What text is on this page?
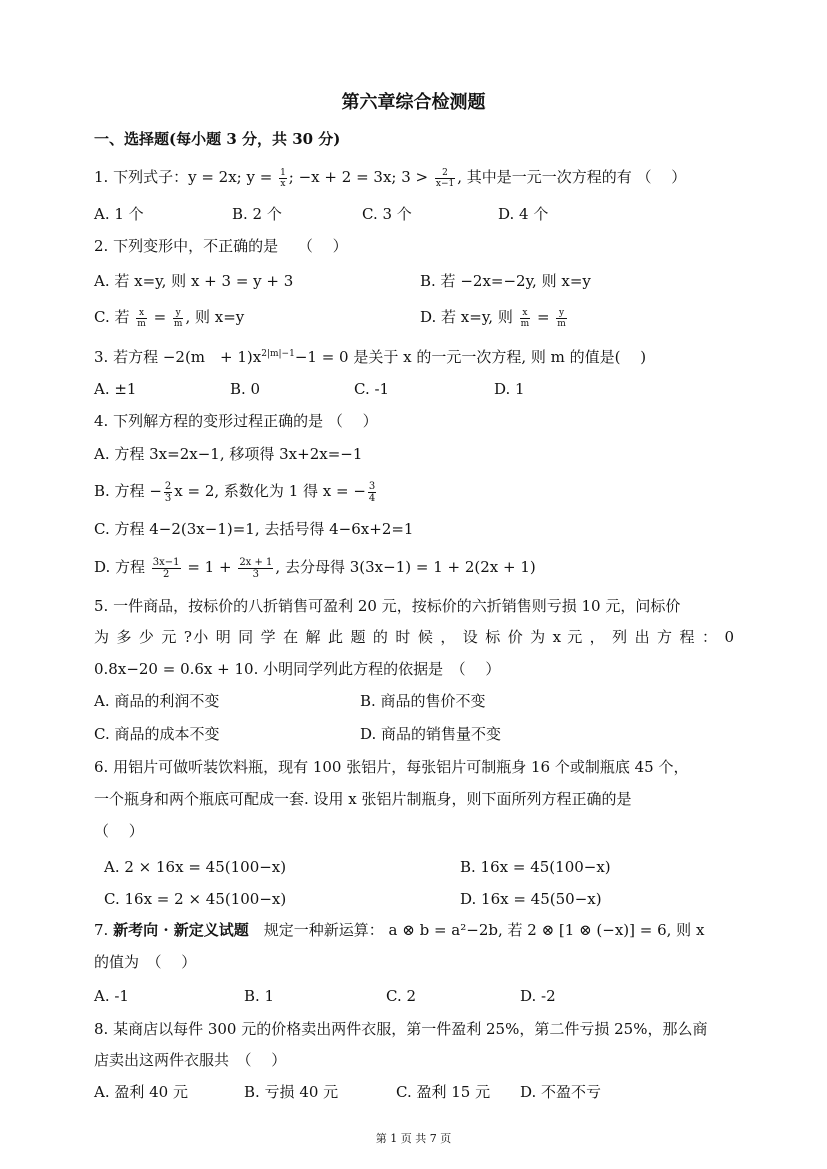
第六章综合检测题
一、选择题(每小题 3 分，共 30 分)
1. 下列式子：y = 2x; $y = \frac{1}{x}$ ; −x + 2 = 3x; $3 > \frac{2}{x-1}$ , 其中是一元一次方程的有 （　 ）
A. 1 个	B. 2 个	C. 3 个	D. 4 个
2. 下列变形中，不正确的是　 （　 ）
A. 若 x=y, 则 x + 3 = y + 3	B. 若 −2x=−2y, 则 x=y
C. 若 $\frac{x}{m} = \frac{y}{m}$ , 则 x=y	D. 若 x=y, 则 $\frac{x}{m} = \frac{y}{m}$
3. 若方程 −2(m　+ $1)x^{2|m|-1}-1 = 0$ 是关于 x 的一元一次方程, 则 m 的值是(　 )
A. ±1	B. 0	C. -1	D. 1
4. 下列解方程的变形过程正确的是 （　 ）
A. 方程 3x=2x−1, 移项得 3x+2x=−1
B. 方程 − $\frac{2}{3}$ x = 2, 系数化为 1 得 x = − $\frac{3}{4}$
C. 方程 4−2(3x−1)=1, 去括号得 4−6x+2=1
D. 方程 $\frac{3x-1}{2} = 1 + \frac{2x + 1}{3}$ , 去分母得 3(3x−1) = 1 + 2(2x + 1)
5. 一件商品，按标价的八折销售可盈利 20 元，按标价的六折销售则亏损 10 元，问标价
为 多 少 元 ?小 明 同 学 在 解 此 题 的 时 候 ， 设 标 价 为 x 元 ， 列 出 方 程 ： 0
0.8x−20 = 0.6x + 10. 小明同学列此方程的依据是　（　 ）
A. 商品的利润不变	B. 商品的售价不变
C. 商品的成本不变	D. 商品的销售量不变
6. 用铝片可做听装饮料瓶，现有 100 张铝片，每张铝片可制瓶身 16 个或制瓶底 45 个，
一个瓶身和两个瓶底可配成一套. 设用 x 张铝片制瓶身，则下面所列方程正确的是
（　 ）
A. 2 × 16x = 45(100−x)	B. 16x = 45(100−x)
C. 16x = 2 × 45(100−x)	D. 16x = 45(50−x)
7. 新考向 · 新定义试题　规定一种新运算： a ⊗ b = a²−2b, 若 2 ⊗ [1 ⊗ (−x)] = 6, 则 x
的值为　（　 ）
A. -1	B. 1	C. 2	D. -2
8. 某商店以每件 300 元的价格卖出两件衣服，第一件盈利 25%，第二件亏损 25%，那么商
店卖出这两件衣服共　（　 ）
A. 盈利 40 元	B. 亏损 40 元	C. 盈利 15 元 D. 不盈不亏
第 1 页 共 7 页
